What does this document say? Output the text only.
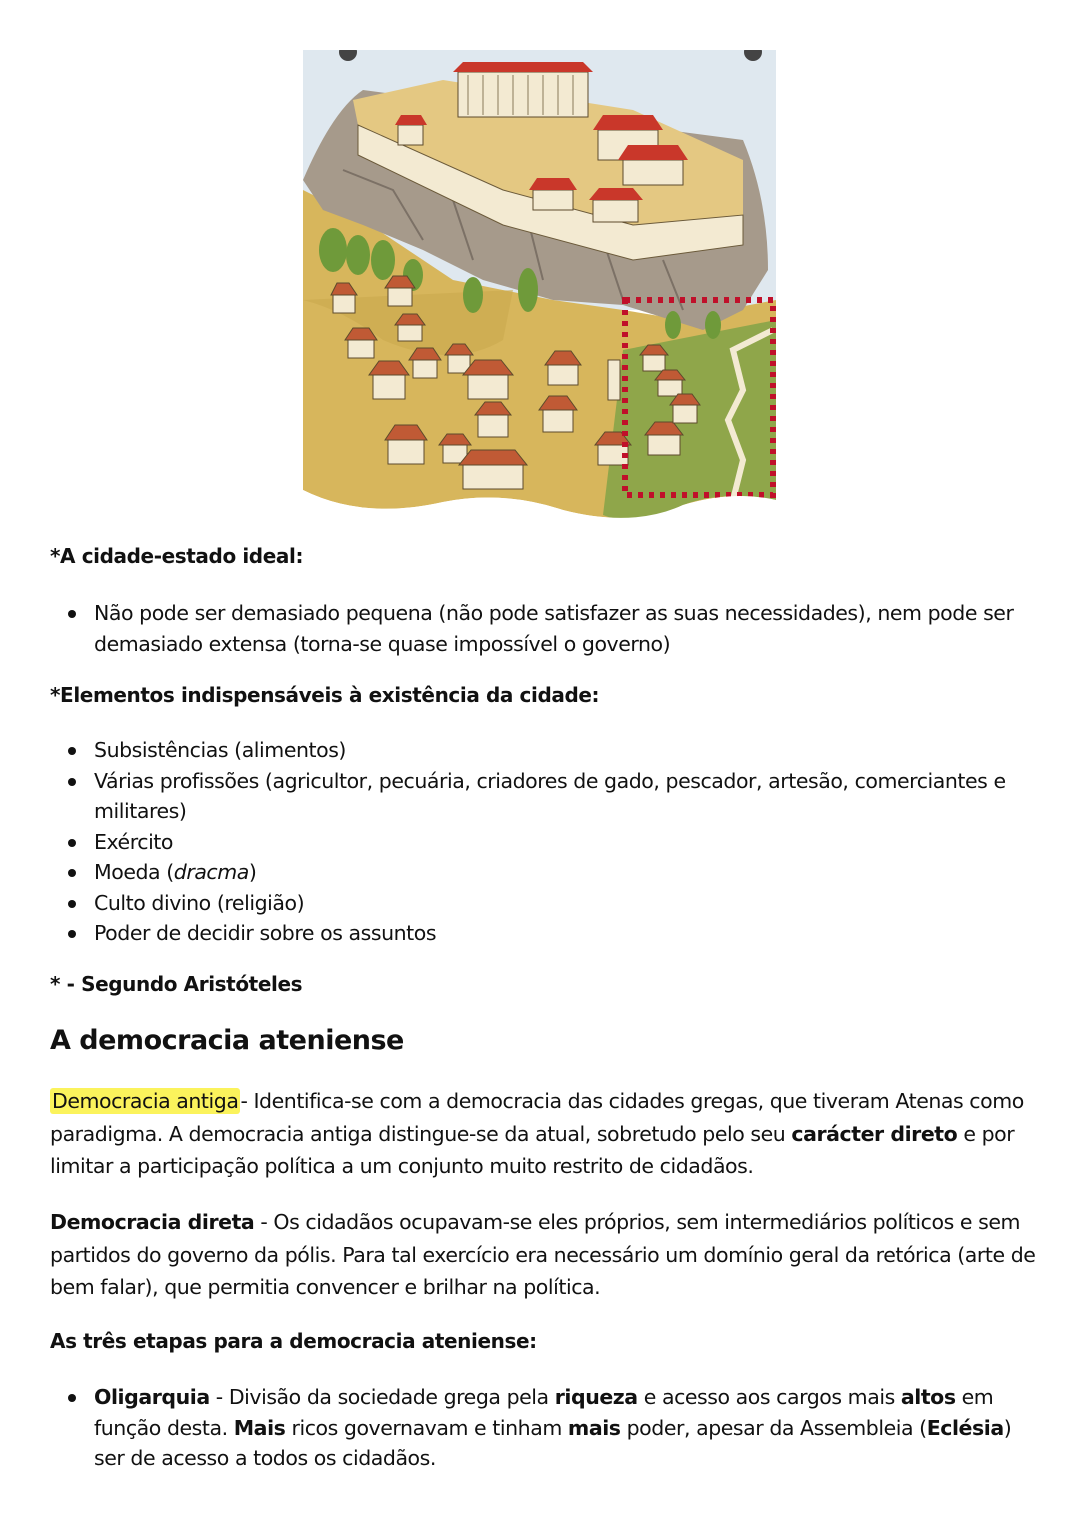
*A cidade-estado ideal:
Não pode ser demasiado pequena (não pode satisfazer as suas necessidades), nem pode ser demasiado extensa (torna-se quase impossível o governo)
*Elementos indispensáveis à existência da cidade:
Subsistências (alimentos)
Várias profissões (agricultor, pecuária, criadores de gado, pescador, artesão, comerciantes e militares)
Exército
Moeda (dracma)
Culto divino (religião)
Poder de decidir sobre os assuntos
* - Segundo Aristóteles
A democracia ateniense
Democracia antiga- Identifica-se com a democracia das cidades gregas, que tiveram Atenas como paradigma. A democracia antiga distingue-se da atual, sobretudo pelo seu carácter direto e por limitar a participação política a um conjunto muito restrito de cidadãos.
Democracia direta - Os cidadãos ocupavam-se eles próprios, sem intermediários políticos e sem partidos do governo da pólis. Para tal exercício era necessário um domínio geral da retórica (arte de bem falar), que permitia convencer e brilhar na política.
As três etapas para a democracia ateniense:
Oligarquia - Divisão da sociedade grega pela riqueza e acesso aos cargos mais altos em função desta. Mais ricos governavam e tinham mais poder, apesar da Assembleia (Eclésia) ser de acesso a todos os cidadãos.
